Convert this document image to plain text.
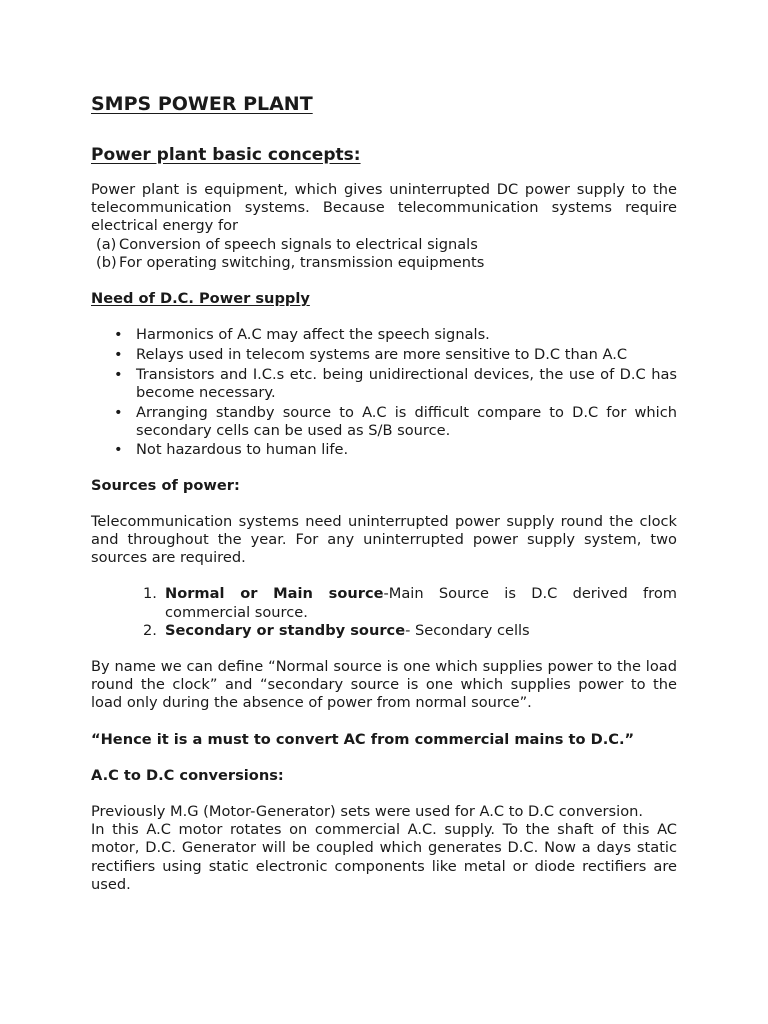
SMPS POWER PLANT
Power plant basic concepts:

Power plant is equipment, which gives uninterrupted DC power supply to the telecommunication systems. Because telecommunication systems require electrical energy for

(a) Conversion of speech signals to electrical signals
(b) For operating switching, transmission equipments
Need of D.C. Power supply
• Harmonics of A.C may affect the speech signals.
• Relays used in telecom systems are more sensitive to D.C than A.C
• Transistors and I.C.s etc. being unidirectional devices, the use of D.C has become necessary.
• Arranging standby source to A.C is difficult compare to D.C for which secondary cells can be used as S/B source.
• Not hazardous to human life.
Sources of power:

Telecommunication systems need uninterrupted power supply round the clock and throughout the year. For any uninterrupted power supply system, two sources are required.

1. Normal or Main source-Main Source is D.C derived from commercial source.
2. Secondary or standby source- Secondary cells

By name we can define “Normal source is one which supplies power to the load round the clock” and “secondary source is one which supplies power to the load only during the absence of power from normal source”.

“Hence it is a must to convert AC from commercial mains to D.C.”

A.C to D.C conversions:

Previously M.G (Motor-Generator) sets were used for A.C to D.C conversion.

In this A.C motor rotates on commercial A.C. supply. To the shaft of this AC motor, D.C. Generator will be coupled which generates D.C. Now a days static rectifiers using static electronic components like metal or diode rectifiers are used.
